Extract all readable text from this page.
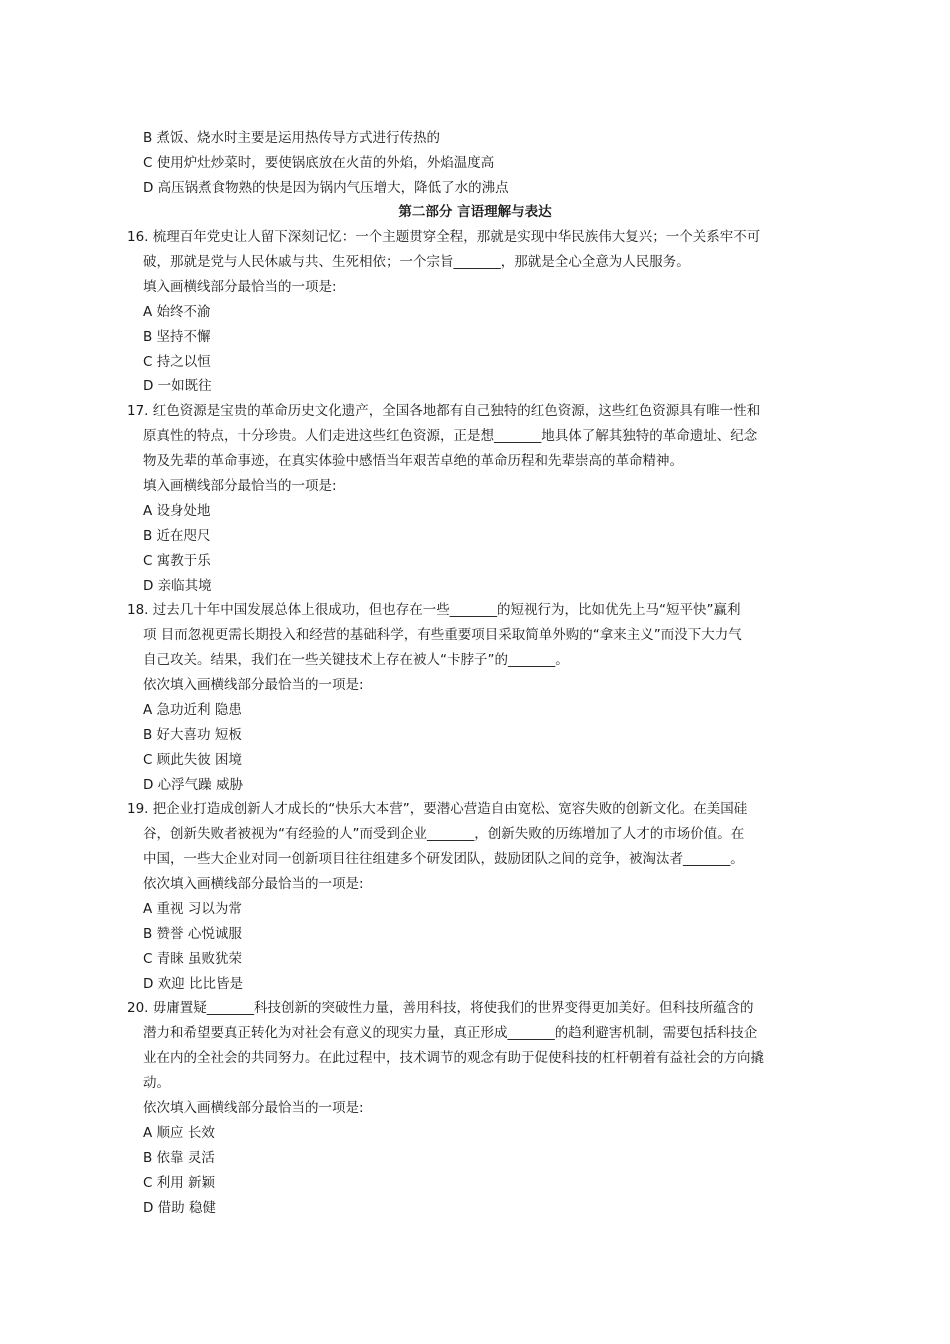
B 煮饭、烧水时主要是运用热传导方式进行传热的
C 使用炉灶炒菜时，要使锅底放在火苗的外焰，外焰温度高
D 高压锅煮食物熟的快是因为锅内气压增大，降低了水的沸点
第二部分 言语理解与表达
16. 梳理百年党史让人留下深刻记忆：一个主题贯穿全程，那就是实现中华民族伟大复兴；一个关系牢不可
破，那就是党与人民休戚与共、生死相依；一个宗旨_______，那就是全心全意为人民服务。
填入画横线部分最恰当的一项是:
A 始终不渝
B 坚持不懈
C 持之以恒
D 一如既往
17. 红色资源是宝贵的革命历史文化遗产，全国各地都有自己独特的红色资源，这些红色资源具有唯一性和
原真性的特点，十分珍贵。人们走进这些红色资源，正是想_______地具体了解其独特的革命遗址、纪念
物及先辈的革命事迹，在真实体验中感悟当年艰苦卓绝的革命历程和先辈崇高的革命精神。
填入画横线部分最恰当的一项是:
A 设身处地
B 近在咫尺
C 寓教于乐
D 亲临其境
18. 过去几十年中国发展总体上很成功，但也存在一些_______的短视行为，比如优先上马“短平快”赢利
项 目而忽视更需长期投入和经营的基础科学，有些重要项目采取简单外购的“拿来主义”而没下大力气
自己攻关。结果，我们在一些关键技术上存在被人“卡脖子”的_______。
依次填入画横线部分最恰当的一项是:
A 急功近利 隐患
B 好大喜功 短板
C 顾此失彼 困境
D 心浮气躁 威胁
19. 把企业打造成创新人才成长的“快乐大本营”，要潜心营造自由宽松、宽容失败的创新文化。在美国硅
谷，创新失败者被视为“有经验的人”而受到企业_______，创新失败的历练增加了人才的市场价值。在
中国，一些大企业对同一创新项目往往组建多个研发团队，鼓励团队之间的竞争，被淘汰者_______。
依次填入画横线部分最恰当的一项是:
A 重视 习以为常
B 赞誉 心悦诚服
C 青睐 虽败犹荣
D 欢迎 比比皆是
20. 毋庸置疑_______科技创新的突破性力量，善用科技，将使我们的世界变得更加美好。但科技所蕴含的
潜力和希望要真正转化为对社会有意义的现实力量，真正形成_______的趋利避害机制，需要包括科技企
业在内的全社会的共同努力。在此过程中，技术调节的观念有助于促使科技的杠杆朝着有益社会的方向撬
动。
依次填入画横线部分最恰当的一项是:
A 顺应 长效
B 依靠 灵活
C 利用 新颖
D 借助 稳健
